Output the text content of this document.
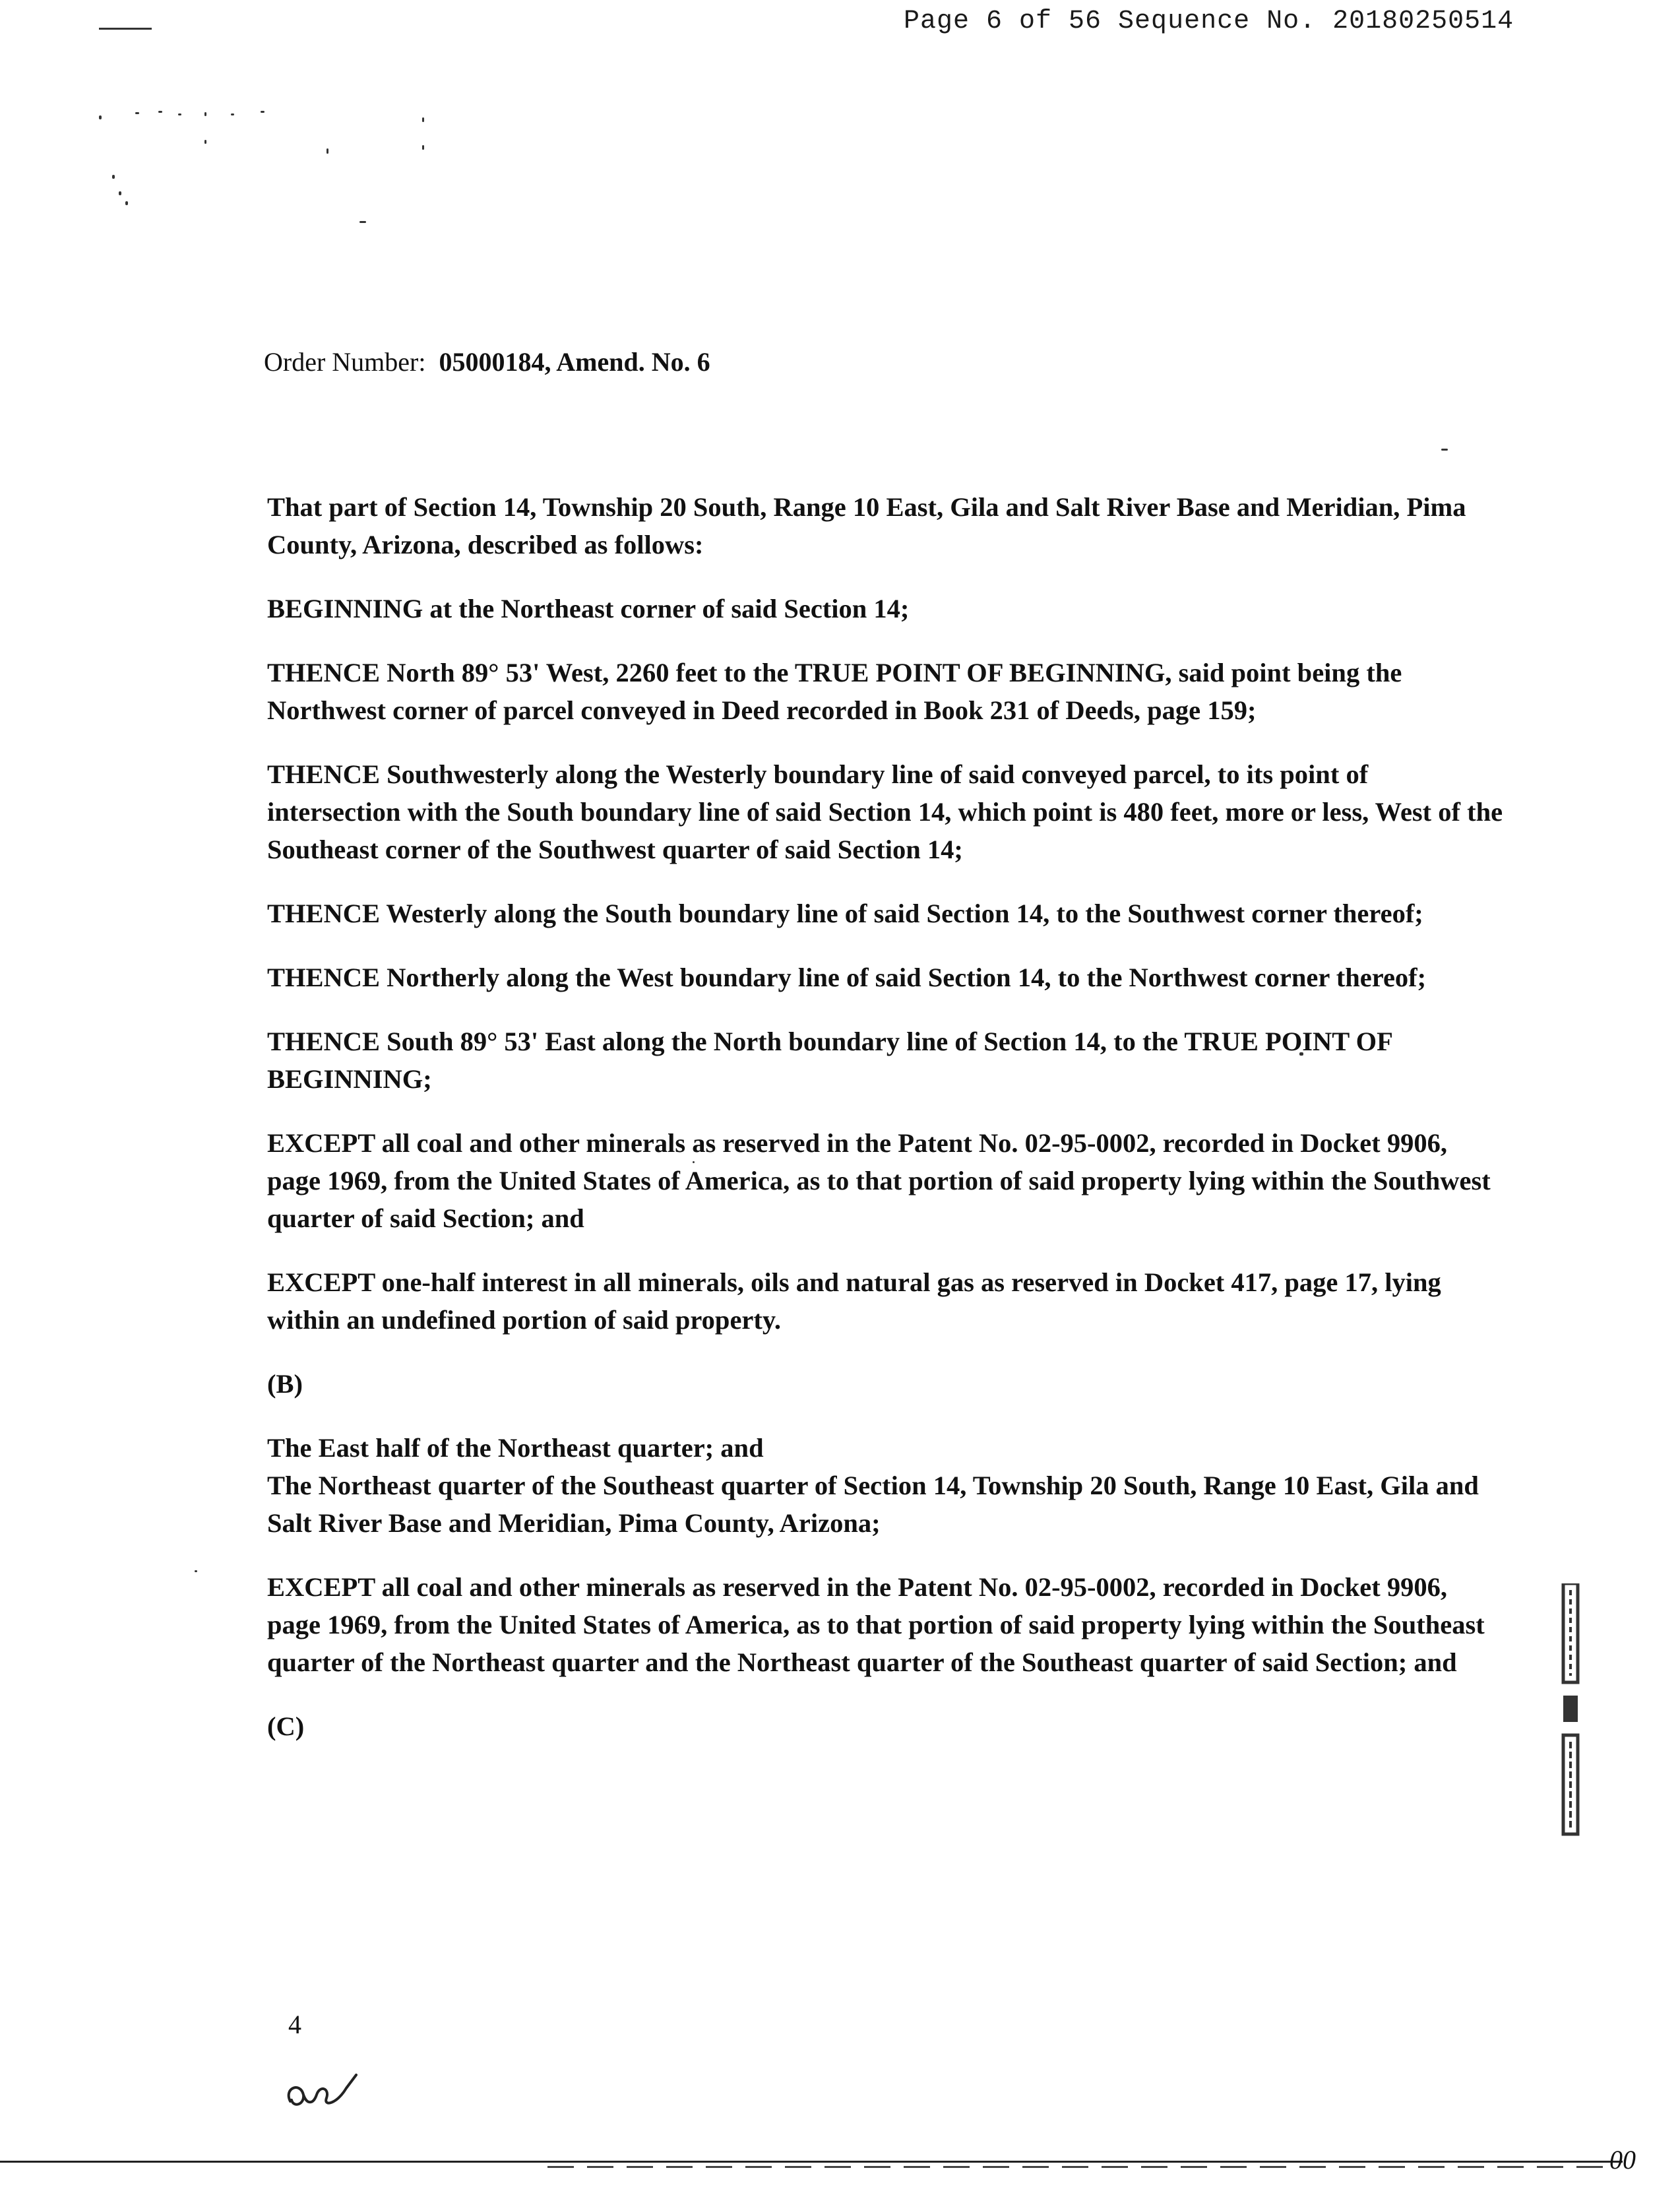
Page 6 of 56 Sequence No. 20180250514
Order Number: 05000184, Amend. No. 6

That part of Section 14, Township 20 South, Range 10 East, Gila and Salt River Base and Meridian, Pima County, Arizona, described as follows:

BEGINNING at the Northeast corner of said Section 14;

THENCE North 89° 53' West, 2260 feet to the TRUE POINT OF BEGINNING, said point being the Northwest corner of parcel conveyed in Deed recorded in Book 231 of Deeds, page 159;

THENCE Southwesterly along the Westerly boundary line of said conveyed parcel, to its point of intersection with the South boundary line of said Section 14, which point is 480 feet, more or less, West of the Southeast corner of the Southwest quarter of said Section 14;

THENCE Westerly along the South boundary line of said Section 14, to the Southwest corner thereof;

THENCE Northerly along the West boundary line of said Section 14, to the Northwest corner thereof;

THENCE South 89° 53' East along the North boundary line of Section 14, to the TRUE POINT OF BEGINNING;

EXCEPT all coal and other minerals as reserved in the Patent No. 02-95-0002, recorded in Docket 9906, page 1969, from the United States of America, as to that portion of said property lying within the Southwest quarter of said Section; and

EXCEPT one-half interest in all minerals, oils and natural gas as reserved in Docket 417, page 17, lying within an undefined portion of said property.

(B)

The East half of the Northeast quarter; and
The Northeast quarter of the Southeast quarter of Section 14, Township 20 South, Range 10 East, Gila and Salt River Base and Meridian, Pima County, Arizona;

EXCEPT all coal and other minerals as reserved in the Patent No. 02-95-0002, recorded in Docket 9906, page 1969, from the United States of America, as to that portion of said property lying within the Southeast quarter of the Northeast quarter and the Northeast quarter of the Southeast quarter of said Section; and

(C)

4
00
